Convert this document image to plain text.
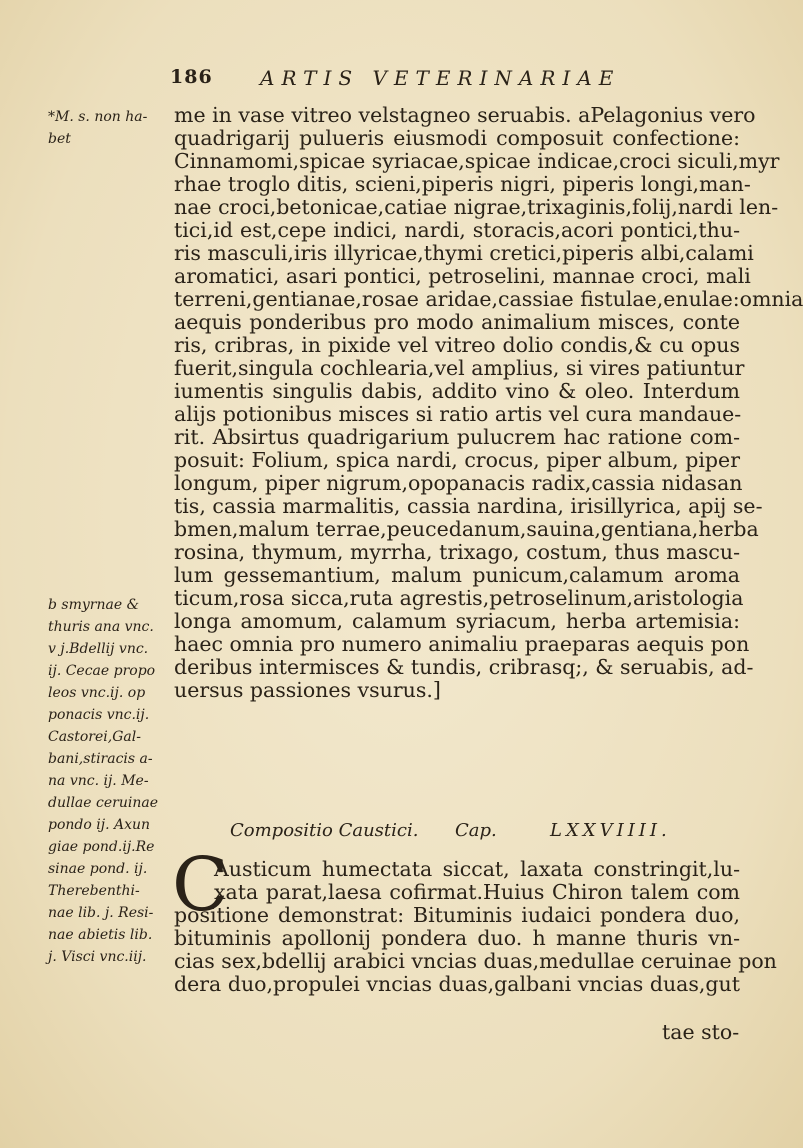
186 ARTIS VETERINARIAE
*M. s. non ha-
bet
me in vase vitreo velstagneo seruabis. aPelagonius vero
quadrigarij pulueris eiusmodi composuit confectione:
Cinnamomi,spicae syriacae,spicae indicae,croci siculi,myr
rhae troglo ditis, scieni,piperis nigri, piperis longi,man-
nae croci,betonicae,catiae nigrae,trixaginis,folij,nardi len-
tici,id est,cepe indici, nardi, storacis,acori pontici,thu-
ris masculi,iris illyricae,thymi cretici,piperis albi,calami
aromatici, asari pontici, petroselini, mannae croci, mali
terreni,gentianae,rosae aridae,cassiae fistulae,enulae:omnia
aequis ponderibus pro modo animalium misces, conte
ris, cribras, in pixide vel vitreo dolio condis,& cu opus
fuerit,singula cochlearia,vel amplius, si vires patiuntur
iumentis singulis dabis, addito vino & oleo. Interdum
alijs potionibus misces si ratio artis vel cura mandaue-
rit. Absirtus quadrigarium pulucrem hac ratione com-
posuit: Folium, spica nardi, crocus, piper album, piper
longum, piper nigrum,opopanacis radix,cassia nidasan
tis, cassia marmalitis, cassia nardina, irisillyrica, apij se-
bmen,malum terrae,peucedanum,sauina,gentiana,herba
rosina, thymum, myrrha, trixago, costum, thus mascu-
lum gessemantium, malum punicum,calamum aroma
ticum,rosa sicca,ruta agrestis,petroselinum,aristologia
longa amomum, calamum syriacum, herba artemisia:
haec omnia pro numero animaliu praeparas aequis pon
deribus intermisces & tundis, cribrasq;, & seruabis, ad-
uersus passiones vsurus.]
b smyrnae &
thuris ana vnc.
v j.Bdellij vnc.
ij. Cecae propo
leos vnc.ij. op
ponacis vnc.ij.
Castorei,Gal-
bani,stiracis a-
na vnc. ij. Me-
dullae ceruinae
pondo ij. Axun
giae pond.ij.Re
sinae pond. ij.
Therebenthi-
nae lib. j. Resi-
nae abietis lib.
j. Visci vnc.iij.
Compositio Caustici. Cap.	LXXVIIII.
C
Austicum humectata siccat, laxata constringit,lu-
xata parat,laesa cofirmat.Huius Chiron talem com
positione demonstrat: Bituminis iudaici pondera duo,
bituminis apollonij pondera duo. h manne thuris vn-
cias sex,bdellij arabici vncias duas,medullae ceruinae pon
dera duo,propulei vncias duas,galbani vncias duas,gut
tae sto-
